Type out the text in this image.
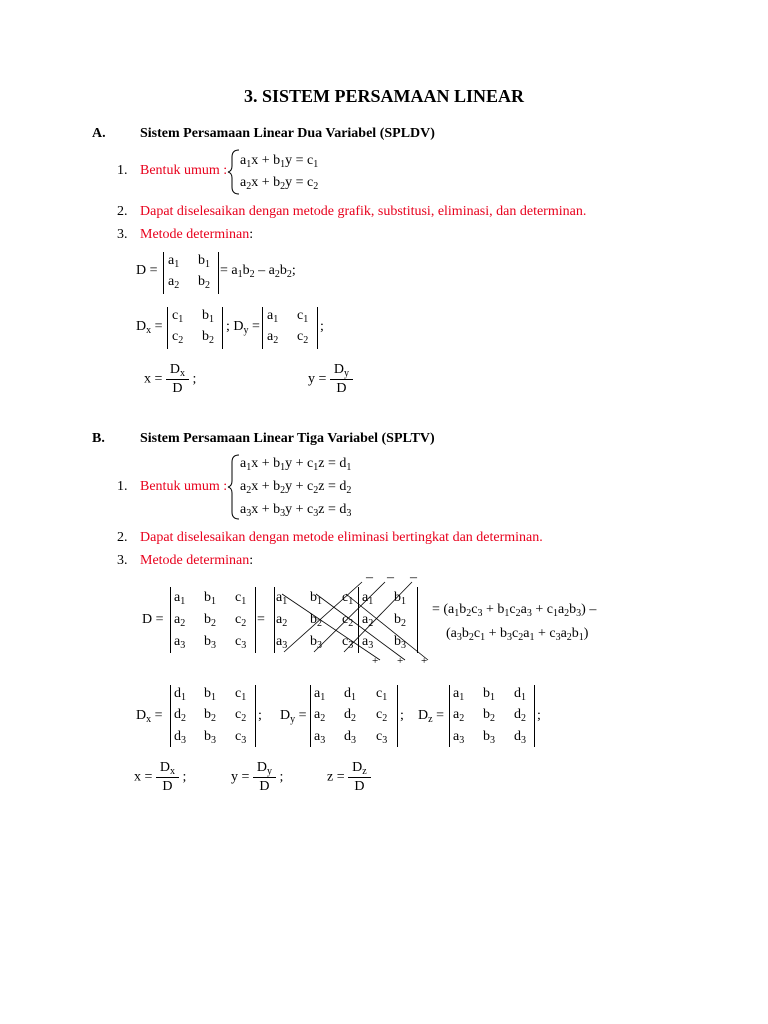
3. SISTEM PERSAMAAN LINEAR
A. Sistem Persamaan Linear Dua Variabel (SPLDV)
1. Bentuk umum :
$a_1x + b_1y = c_1$
$a_2x + b_2y = c_2$
2. Dapat diselesaikan dengan metode grafik, substitusi, eliminasi, dan determinan.
3. Metode determinan:
D =
$a_1$ $b_1$
$a_2$ $b_2$
= $a_1b_2 - a_2b_2$;
$D_x$ =
$c_1$ $b_1$
$c_2$ $b_2$
; $D_y$ =
$a_1$ $c_1$
$a_2$ $c_2$
;
$x = \frac{D_x}{D}$ ;	$y = \frac{D_y}{D}$
B.	Sistem Persamaan Linear Tiga Variabel (SPLTV)
1. Bentuk umum :
$a_1x + b_1y + c_1z = d_1$
$a_2x + b_2y + c_2z = d_2$
$a_3x + b_3y + c_3z = d_3$
2. Dapat diselesaikan dengan metode eliminasi bertingkat dan determinan.
3. Metode determinan:
D =
$a_1$ $b_1$ $c_1$
$a_2$ $b_2$ $c_2$
$a_3$ $b_3$ $c_3$
=
$a_1$ $b_1$ $c_1$ $a_1$ $b_1$
$a_2$ $b_2$ $c_2$ $a_2$ $b_2$
$a_3$ $b_3$ $c_3$ $a_3$ $b_3$
– – –
+ + +
= $(a_1b_2c_3 + b_1c_2a_3 + c_1a_2b_3)$ –
$(a_3b_2c_1 + b_3c_2a_1 + c_3a_2b_1)$
$D_x$ =
$d_1$ $b_1$ $c_1$
$d_2$ $b_2$ $c_2$
$d_3$ $b_3$ $c_3$
; $D_y$ =
$a_1$ $d_1$ $c_1$
$a_2$ $d_2$ $c_2$
$a_3$ $d_3$ $c_3$
; $D_z$ =
$a_1$ $b_1$ $d_1$
$a_2$ $b_2$ $d_2$
$a_3$ $b_3$ $d_3$
;
$x = \frac{D_x}{D}$ ;	$y = \frac{D_y}{D}$ ;	$z = \frac{D_z}{D}$
